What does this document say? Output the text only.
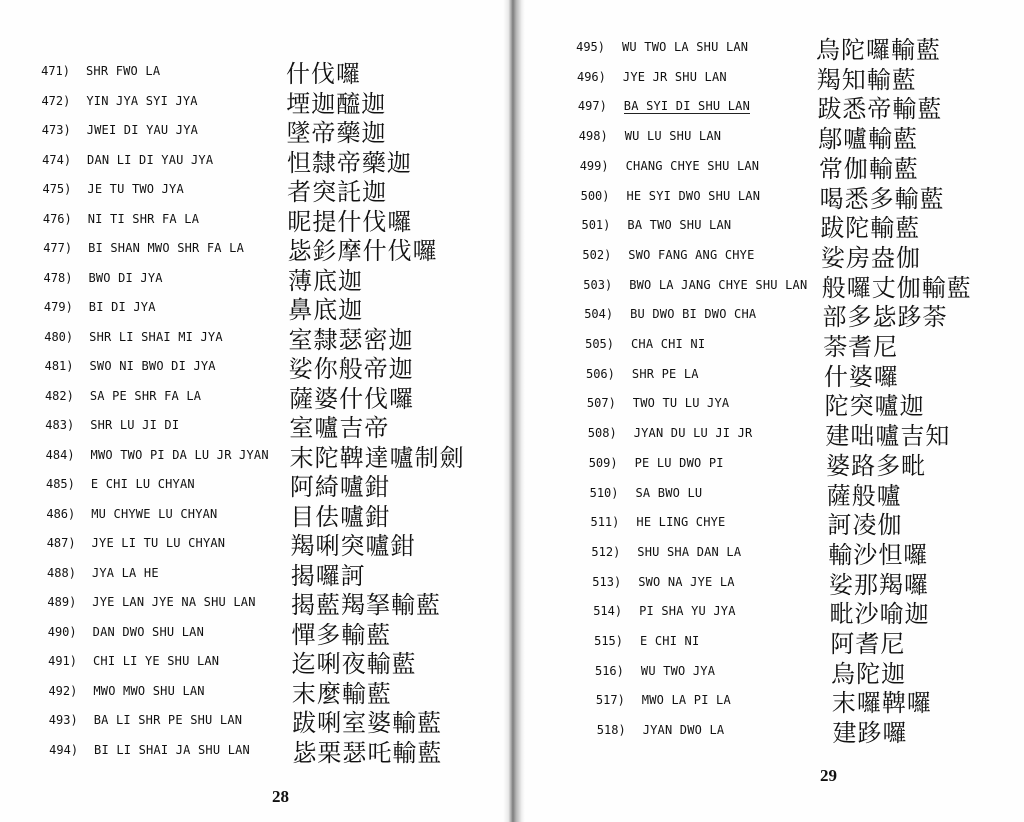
471) SHR FWO LA	什伐囉
472) YIN JYA SYI JYA	堙迦醯迦
473) JWEI DI YAU JYA	墜帝藥迦
474) DAN LI DI YAU JYA	怛隸帝藥迦
475) JE TU TWO JYA	者突託迦
476) NI TI SHR FA LA	昵提什伐囉
477) BI SHAN MWO SHR FA LA 毖釤摩什伐囉
478) BWO DI JYA	薄底迦
479) BI DI JYA	鼻底迦
480) SHR LI SHAI MI JYA	室隸瑟密迦
481) SWO NI BWO DI JYA	娑你般帝迦
482) SA PE SHR FA LA	薩婆什伐囉
483) SHR LU JI DI	室嚧吉帝
484) MWO TWO PI DA LU JR JYAN 末陀鞞達嚧制劍
485) E CHI LU CHYAN	阿綺嚧鉗
486) MU CHYWE LU CHYAN	目佉嚧鉗
487) JYE LI TU LU CHYAN	羯唎突嚧鉗
488) JYA LA HE	揭囉訶
489) JYE LAN JYE NA SHU LAN 揭藍羯拏輸藍
490) DAN DWO SHU LAN	憚多輸藍
491) CHI LI YE SHU LAN	迄唎夜輸藍
492) MWO MWO SHU LAN	末麼輸藍
493) BA LI SHR PE SHU LAN 跋唎室婆輸藍
494) BI LI SHAI JA SHU LAN 毖栗瑟吒輸藍
495) WU TWO LA SHU LAN	烏陀囉輸藍
496) JYE JR SHU LAN	羯知輸藍
497) BA SYI DI SHU LAN	跋悉帝輸藍
498) WU LU SHU LAN	鄔嚧輸藍
499) CHANG CHYE SHU LAN 常伽輸藍
500) HE SYI DWO SHU LAN 喝悉多輸藍
501) BA TWO SHU LAN	跋陀輸藍
502) SWO FANG ANG CHYE	娑房盎伽
503) BWO LA JANG CHYE SHU LAN 般囉丈伽輸藍
504) BU DWO BI DWO CHA	部多毖跢荼
505) CHA CHI NI	荼耆尼
506) SHR PE LA	什婆囉
507) TWO TU LU JYA	陀突嚧迦
508) JYAN DU LU JI JR	建咄嚧吉知
509) PE LU DWO PI	婆路多毗
510) SA BWO LU	薩般嚧
511) HE LING CHYE	訶凌伽
512) SHU SHA DAN LA	輸沙怛囉
513) SWO NA JYE LA	娑那羯囉
514) PI SHA YU JYA	毗沙喻迦
515) E CHI NI	阿耆尼
516) WU TWO JYA	烏陀迦
517) MWO LA PI LA	末囉鞞囉
518) JYAN DWO LA	建跢囉
28
29
